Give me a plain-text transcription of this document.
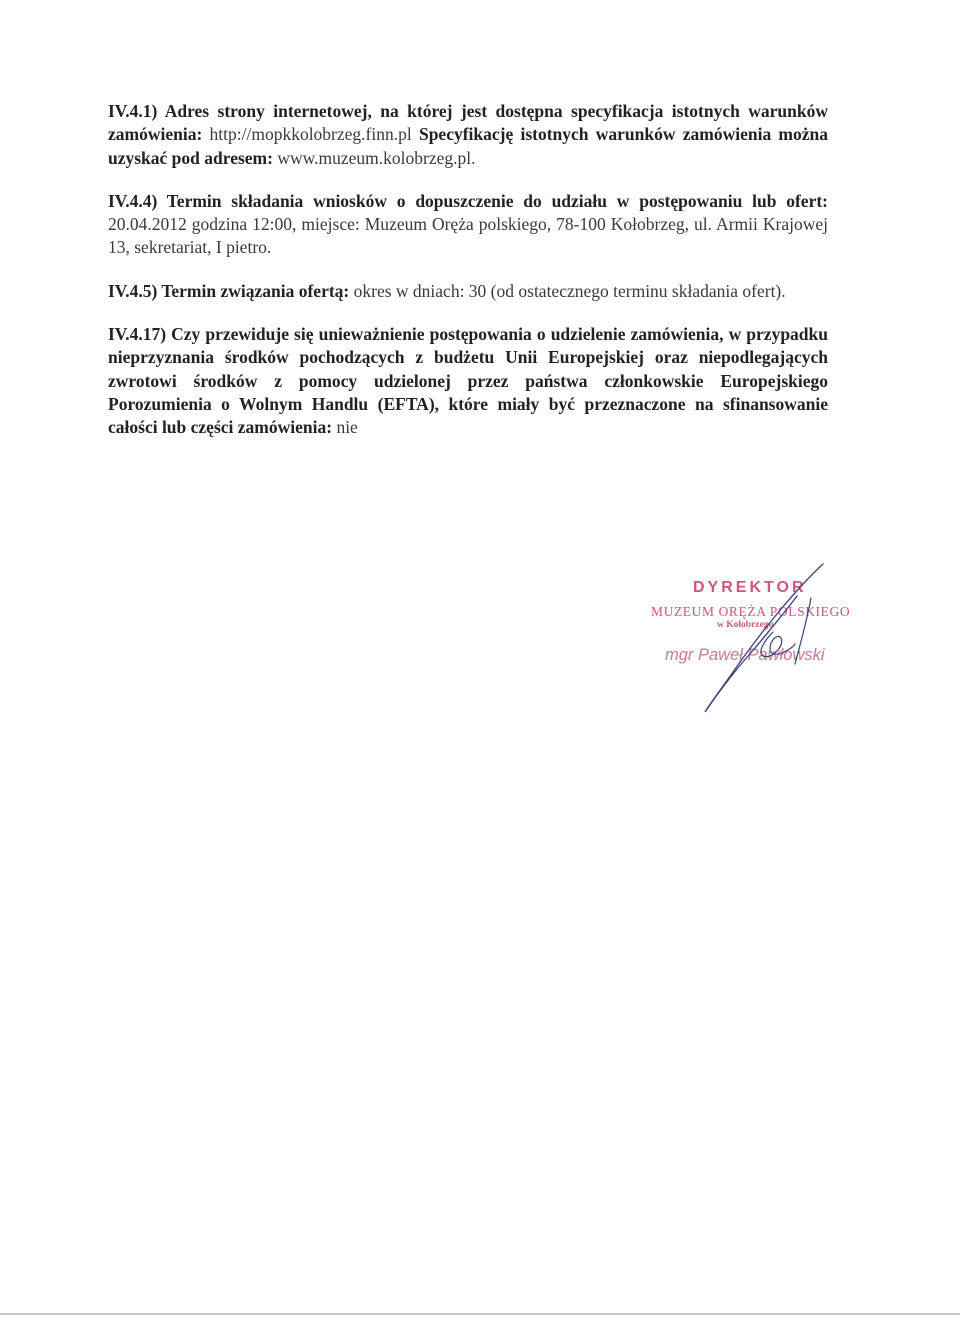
IV.4.1) Adres strony internetowej, na której jest dostępna specyfikacja istotnych warunków zamówienia: http://mopkkolobrzeg.finn.pl Specyfikację istotnych warunków zamówienia można uzyskać pod adresem: www.muzeum.kolobrzeg.pl.

IV.4.4) Termin składania wniosków o dopuszczenie do udziału w postępowaniu lub ofert: 20.04.2012 godzina 12:00, miejsce: Muzeum Oręża polskiego, 78-100 Kołobrzeg, ul. Armii Krajowej 13, sekretariat, I pietro.

IV.4.5) Termin związania ofertą: okres w dniach: 30 (od ostatecznego terminu składania ofert).

IV.4.17) Czy przewiduje się unieważnienie postępowania o udzielenie zamówienia, w przypadku nieprzyznania środków pochodzących z budżetu Unii Europejskiej oraz niepodlegających zwrotowi środków z pomocy udzielonej przez państwa członkowskie Europejskiego Porozumienia o Wolnym Handlu (EFTA), które miały być przeznaczone na sfinansowanie całości lub części zamówienia: nie

DYREKTOR
MUZEUM ORĘŻA POLSKIEGO
w Kołobrzegu
mgr Paweł Pawłowski
